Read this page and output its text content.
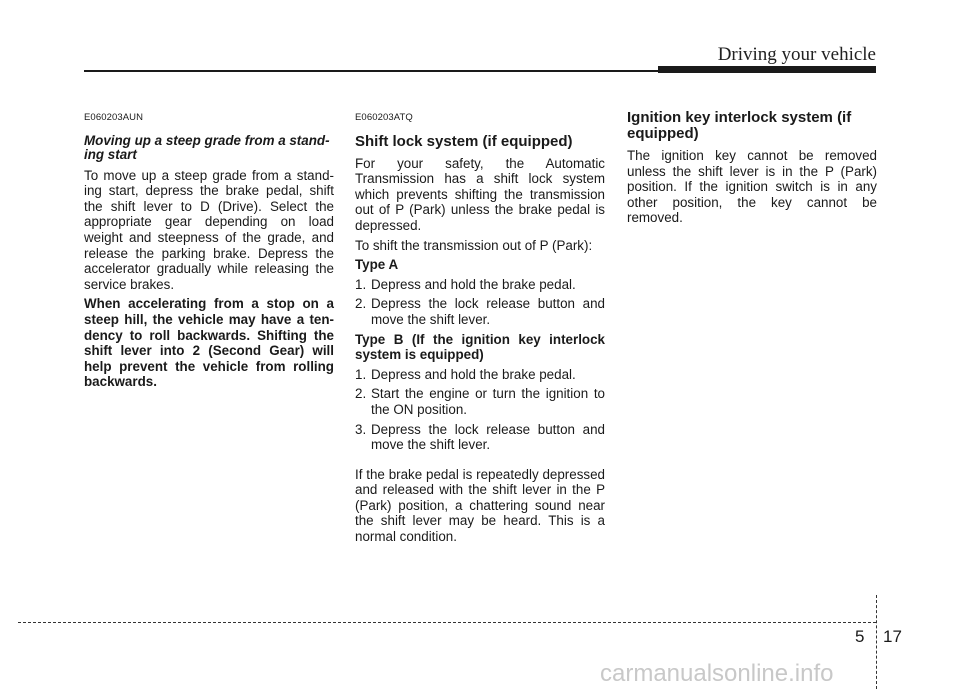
Driving your vehicle
E060203AUN
Moving up a steep grade from a stand-ing start

To move up a steep grade from a stand-ing start, depress the brake pedal, shift the shift lever to D (Drive). Select the appropriate gear depending on load weight and steepness of the grade, and release the parking brake. Depress the accelerator gradually while releasing the service brakes.

When accelerating from a stop on a steep hill, the vehicle may have a ten-dency to roll backwards. Shifting the shift lever into 2 (Second Gear) will help prevent the vehicle from rolling backwards.

E060203ATQ
Shift lock system (if equipped)

For your safety, the Automatic Transmission has a shift lock system which prevents shifting the transmission out of P (Park) unless the brake pedal is depressed.

To shift the transmission out of P (Park):

Type A

1. Depress and hold the brake pedal.
2. Depress the lock release button and move the shift lever.

Type B (If the ignition key interlock system is equipped)

1. Depress and hold the brake pedal.
2. Start the engine or turn the ignition to the ON position.
3. Depress the lock release button and move the shift lever.

If the brake pedal is repeatedly depressed and released with the shift lever in the P (Park) position, a chattering sound near the shift lever may be heard. This is a normal condition.

Ignition key interlock system (if equipped)

The ignition key cannot be removed unless the shift lever is in the P (Park) position. If the ignition switch is in any other position, the key cannot be removed.

5 17
carmanualsonline.info
